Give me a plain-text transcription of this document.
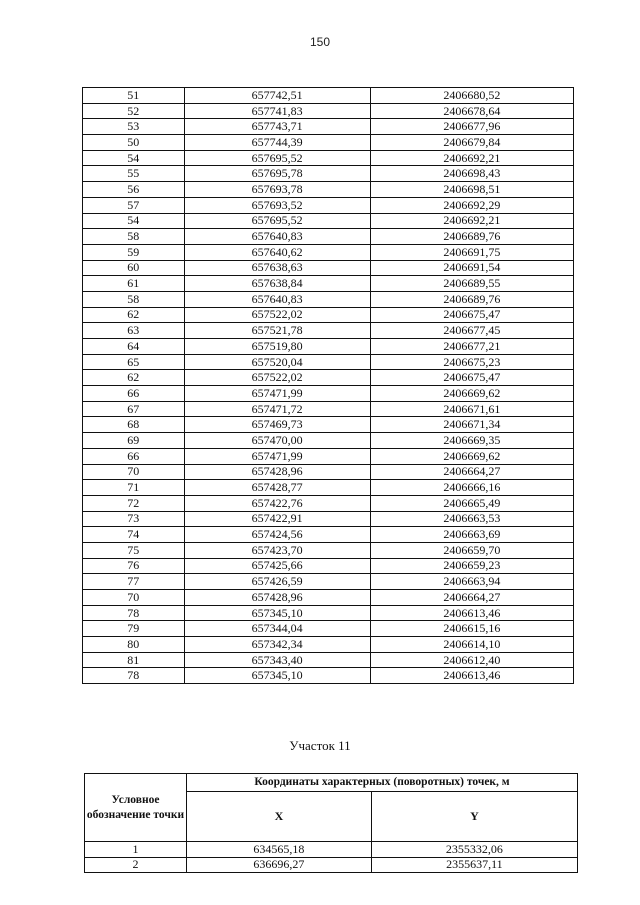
150
51	657742,51	2406680,52
52	657741,83	2406678,64
53	657743,71	2406677,96
50	657744,39	2406679,84
54	657695,52	2406692,21
55	657695,78	2406698,43
56	657693,78	2406698,51
57	657693,52	2406692,29
54	657695,52	2406692,21
58	657640,83	2406689,76
59	657640,62	2406691,75
60	657638,63	2406691,54
61	657638,84	2406689,55
58	657640,83	2406689,76
62	657522,02	2406675,47
63	657521,78	2406677,45
64	657519,80	2406677,21
65	657520,04	2406675,23
62	657522,02	2406675,47
66	657471,99	2406669,62
67	657471,72	2406671,61
68	657469,73	2406671,34
69	657470,00	2406669,35
66	657471,99	2406669,62
70	657428,96	2406664,27
71	657428,77	2406666,16
72	657422,76	2406665,49
73	657422,91	2406663,53
74	657424,56	2406663,69
75	657423,70	2406659,70
76	657425,66	2406659,23
77	657426,59	2406663,94
70	657428,96	2406664,27
78	657345,10	2406613,46
79	657344,04	2406615,16
80	657342,34	2406614,10
81	657343,40	2406612,40
78	657345,10	2406613,46
Участок 11
Условное обозначение точки	Координаты характерных (поворотных) точек, м	
	X	Y
1	634565,18	2355332,06
2	636696,27	2355637,11
